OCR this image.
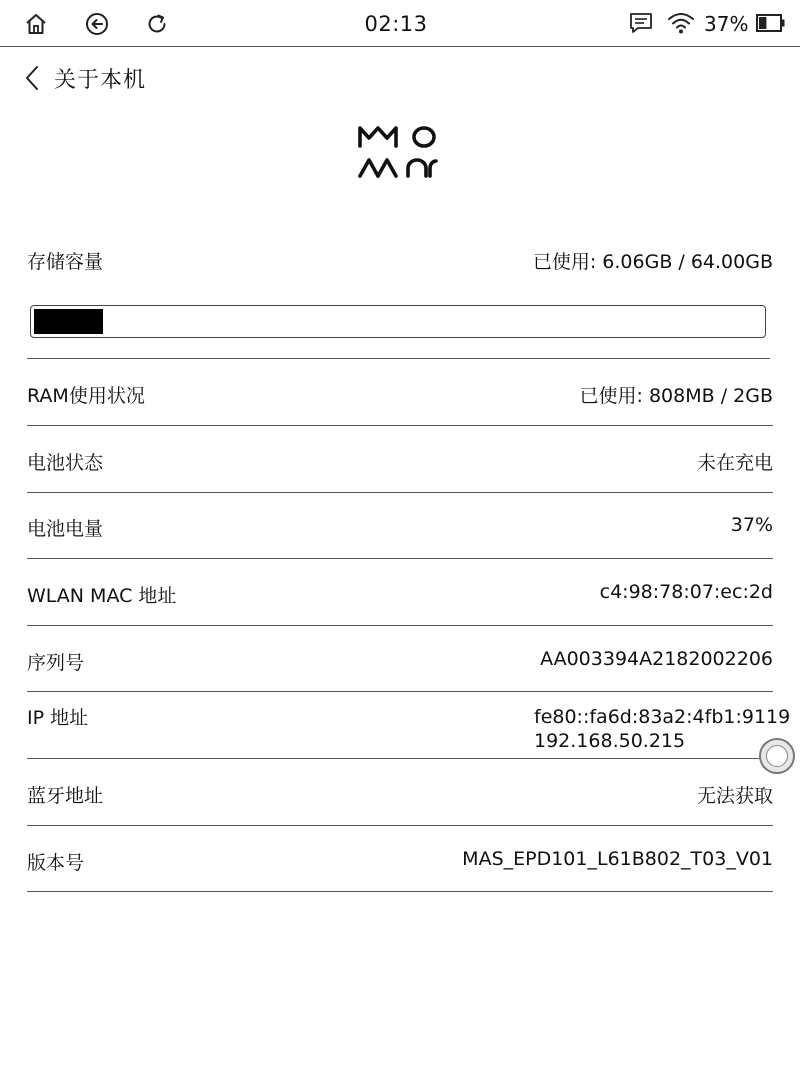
02:13	37%
关于本机
存储容量	已使用: 6.06GB / 64.00GB
RAM使用状况	已使用: 808MB / 2GB
电池状态	未在充电
电池电量	37%
WLAN MAC 地址	c4:98:78:07:ec:2d
序列号	AA003394A2182002206
IP 地址	fe80::fa6d:83a2:4fb1:9119
192.168.50.215
蓝牙地址	无法获取
版本号	MAS_EPD101_L61B802_T03_V01
